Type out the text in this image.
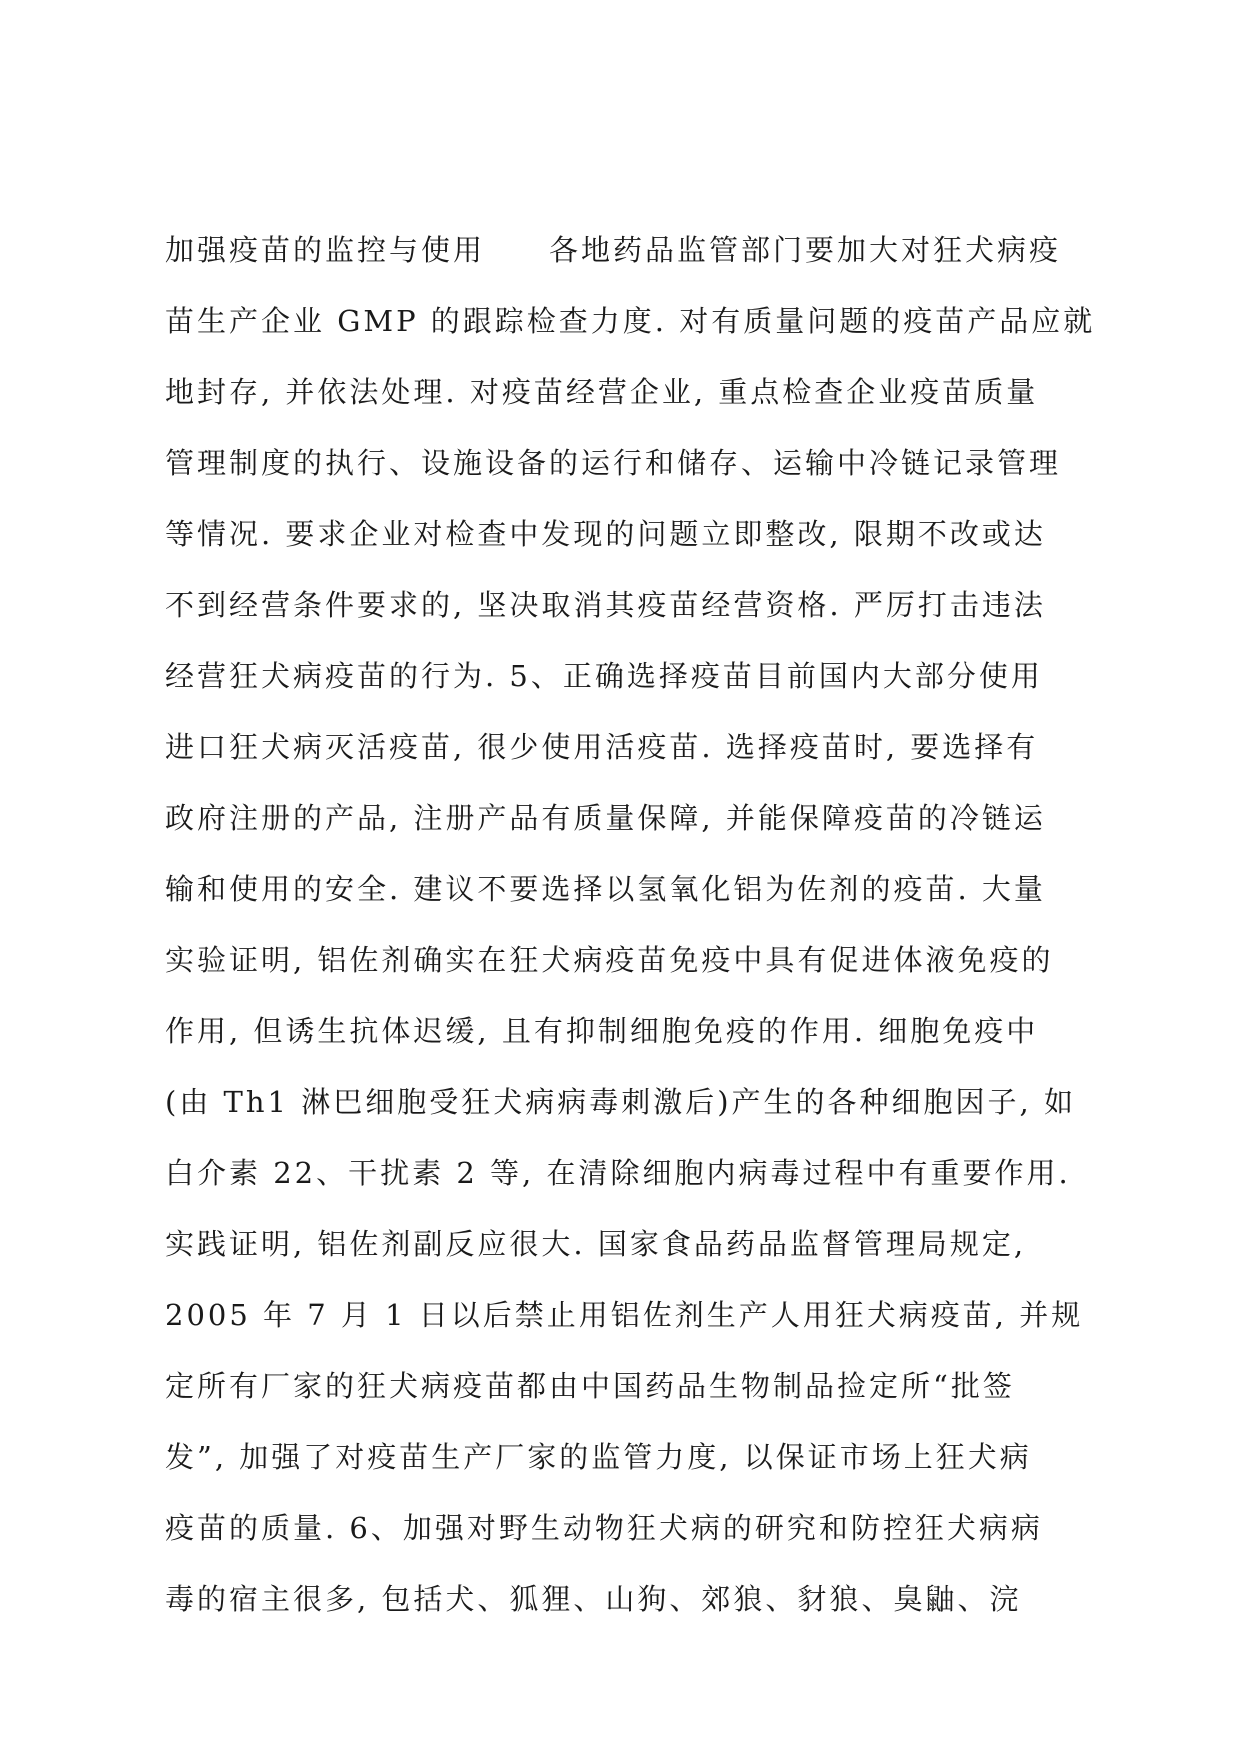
加强疫苗的监控与使用　　各地药品监管部门要加大对狂犬病疫
苗生产企业 GMP 的跟踪检查力度. 对有质量问题的疫苗产品应就
地封存, 并依法处理. 对疫苗经营企业, 重点检查企业疫苗质量
管理制度的执行、设施设备的运行和储存、运输中冷链记录管理
等情况. 要求企业对检查中发现的问题立即整改, 限期不改或达
不到经营条件要求的, 坚决取消其疫苗经营资格. 严厉打击违法
经营狂犬病疫苗的行为. 5、正确选择疫苗目前国内大部分使用
进口狂犬病灭活疫苗, 很少使用活疫苗. 选择疫苗时, 要选择有
政府注册的产品, 注册产品有质量保障, 并能保障疫苗的冷链运
输和使用的安全. 建议不要选择以氢氧化铝为佐剂的疫苗. 大量
实验证明, 铝佐剂确实在狂犬病疫苗免疫中具有促进体液免疫的
作用, 但诱生抗体迟缓, 且有抑制细胞免疫的作用. 细胞免疫中
(由 Th1 淋巴细胞受狂犬病病毒刺激后)产生的各种细胞因子, 如
白介素 22、干扰素 2 等, 在清除细胞内病毒过程中有重要作用.
实践证明, 铝佐剂副反应很大. 国家食品药品监督管理局规定,
2005 年 7 月 1 日以后禁止用铝佐剂生产人用狂犬病疫苗, 并规
定所有厂家的狂犬病疫苗都由中国药品生物制品捡定所“批签
发”, 加强了对疫苗生产厂家的监管力度, 以保证市场上狂犬病
疫苗的质量. 6、加强对野生动物狂犬病的研究和防控狂犬病病
毒的宿主很多, 包括犬、狐狸、山狗、郊狼、豺狼、臭鼬、浣
